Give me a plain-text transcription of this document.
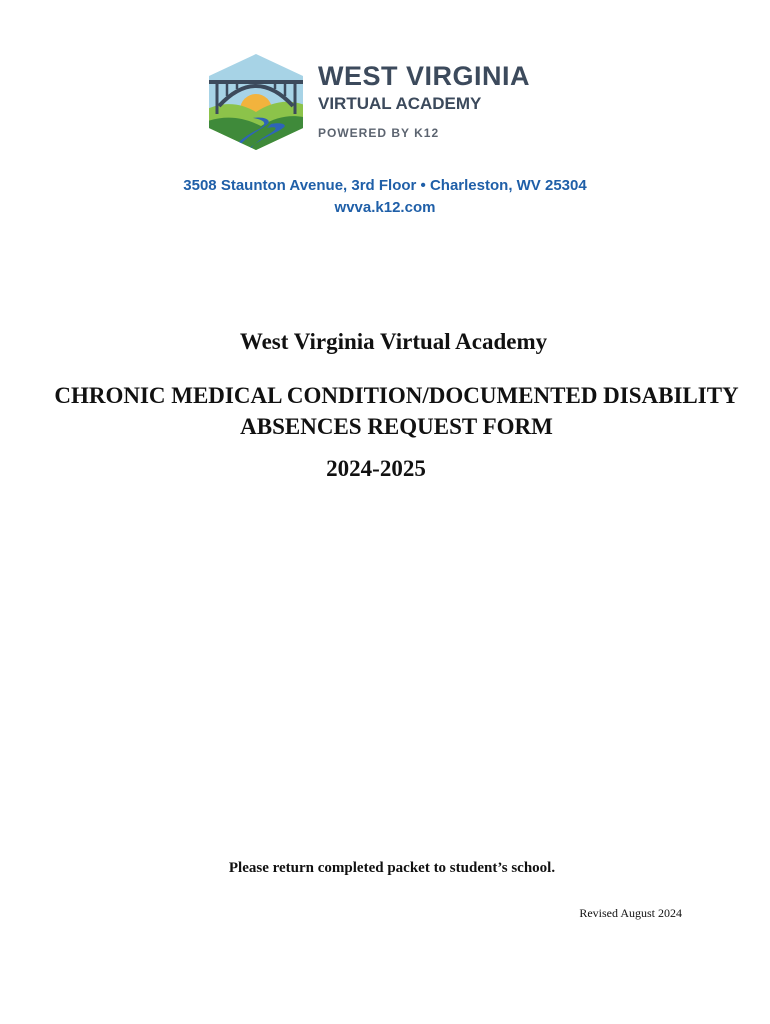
WEST VIRGINIA
VIRTUAL ACADEMY
POWERED BY K12
3508 Staunton Avenue, 3rd Floor • Charleston, WV 25304
wvva.k12.com
West Virginia Virtual Academy
CHRONIC MEDICAL CONDITION/DOCUMENTED DISABILITY
ABSENCES REQUEST FORM
2024-2025
Please return completed packet to student’s school.
Revised August 2024
